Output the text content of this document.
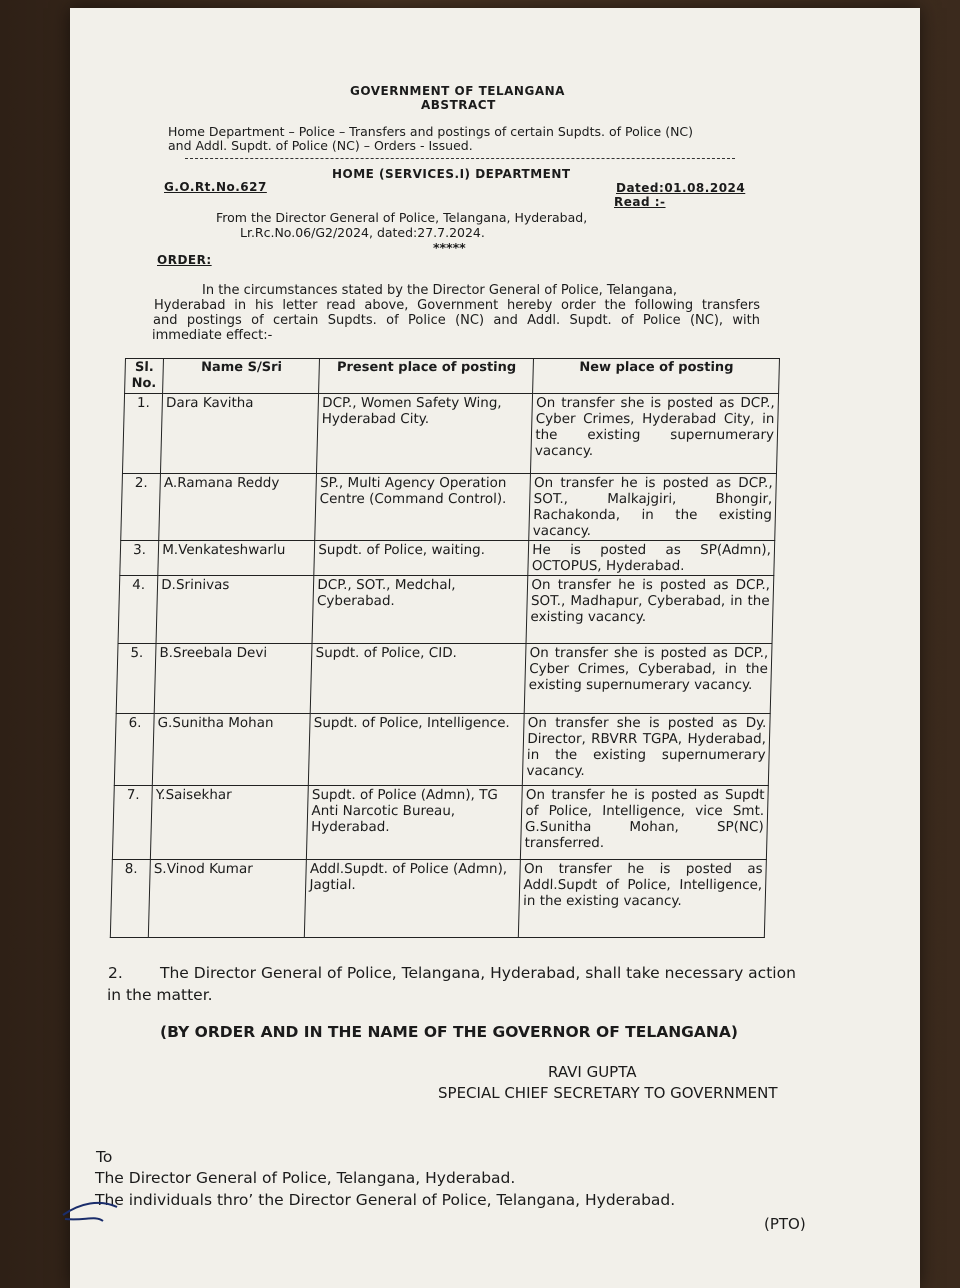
GOVERNMENT OF TELANGANA
ABSTRACT
Home Department – Police – Transfers and postings of certain Supdts. of Police (NC)
and Addl. Supdt. of Police (NC) – Orders - Issued.
HOME (SERVICES.I) DEPARTMENT
G.O.Rt.No.627	Dated:01.08.2024
Read :-
From the Director General of Police, Telangana, Hyderabad,
Lr.Rc.No.06/G2/2024, dated:27.7.2024.
*****
ORDER:
In the circumstances stated by the Director General of Police, Telangana,
Hyderabad in his letter read above, Government hereby order the following transfers
and postings of certain Supdts. of Police (NC) and Addl. Supdt. of Police (NC), with
immediate effect:-
Sl. No.	Name S/Sri	Present place of posting	New place of posting
1.	Dara Kavitha	DCP., Women Safety Wing, Hyderabad City.	On transfer she is posted as DCP., Cyber Crimes, Hyderabad City, in the existing supernumerary vacancy.
2.	A.Ramana Reddy	SP., Multi Agency Operation Centre (Command Control).	On transfer he is posted as DCP., SOT., Malkajgiri, Bhongir, Rachakonda, in the existing vacancy.
3.	M.Venkateshwarlu	Supdt. of Police, waiting.	He is posted as SP(Admn), OCTOPUS, Hyderabad.
4.	D.Srinivas	DCP., SOT., Medchal, Cyberabad.	On transfer he is posted as DCP., SOT., Madhapur, Cyberabad, in the existing vacancy.
5.	B.Sreebala Devi	Supdt. of Police, CID.	On transfer she is posted as DCP., Cyber Crimes, Cyberabad, in the existing supernumerary vacancy.
6.	G.Sunitha Mohan	Supdt. of Police, Intelligence.	On transfer she is posted as Dy. Director, RBVRR TGPA, Hyderabad, in the existing supernumerary vacancy.
7.	Y.Saisekhar	Supdt. of Police (Admn), TG Anti Narcotic Bureau, Hyderabad.	On transfer he is posted as Supdt of Police, Intelligence, vice Smt. G.Sunitha Mohan, SP(NC) transferred.
8.	S.Vinod Kumar	Addl.Supdt. of Police (Admn), Jagtial.	On transfer he is posted as Addl.Supdt of Police, Intelligence, in the existing vacancy.
2. The Director General of Police, Telangana, Hyderabad, shall take necessary action
in the matter.
(BY ORDER AND IN THE NAME OF THE GOVERNOR OF TELANGANA)
RAVI GUPTA
SPECIAL CHIEF SECRETARY TO GOVERNMENT
To
The Director General of Police, Telangana, Hyderabad.
The individuals thro’ the Director General of Police, Telangana, Hyderabad.
(PTO)
